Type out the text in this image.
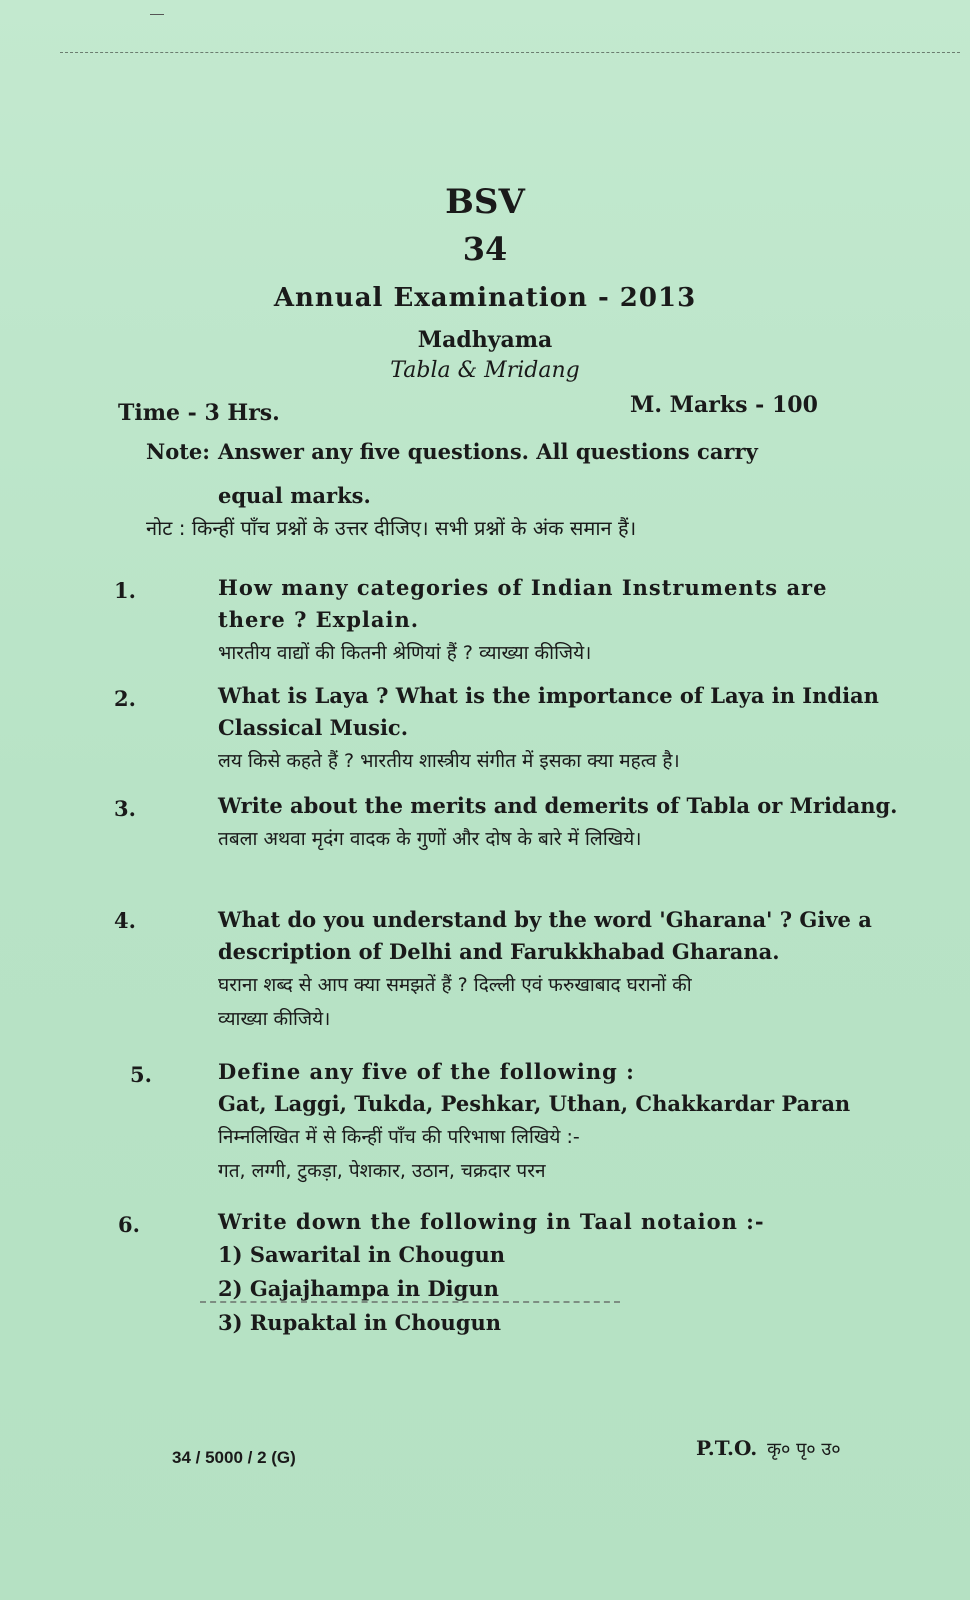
BSV
34
Annual Examination - 2013
Madhyama
Tabla & Mridang
Time - 3 Hrs.	M. Marks - 100
Note: Answer any five questions. All questions carry
equal marks.
नोट : किन्हीं पाँच प्रश्नों के उत्तर दीजिए। सभी प्रश्नों के अंक समान हैं।
1.	How many categories of Indian Instruments are
there ? Explain.
भारतीय वाद्यों की कितनी श्रेणियां हैं ? व्याख्या कीजिये।
2.	What is Laya ? What is the importance of Laya in Indian
Classical Music.
लय किसे कहते हैं ? भारतीय शास्त्रीय संगीत में इसका क्या महत्व है।
3.	Write about the merits and demerits of Tabla or Mridang.
तबला अथवा मृदंग वादक के गुणों और दोष के बारे में लिखिये।
4.	What do you understand by the word 'Gharana' ? Give a
description of Delhi and Farukkhabad Gharana.
घराना शब्द से आप क्या समझतें हैं ? दिल्ली एवं फरुखाबाद घरानों की
व्याख्या कीजिये।
5.	Define any five of the following :
Gat, Laggi, Tukda, Peshkar, Uthan, Chakkardar Paran
निम्नलिखित में से किन्हीं पाँच की परिभाषा लिखिये :-
गत, लग्गी, टुकड़ा, पेशकार, उठान, चक्रदार परन
6.	Write down the following in Taal notaion :-
1) Sawarital in Chougun2) Gajajhampa in Digun
3) Rupaktal in Chougun
34 / 5000 / 2 (G)	P.T.O. कृ० पृ० उ०
